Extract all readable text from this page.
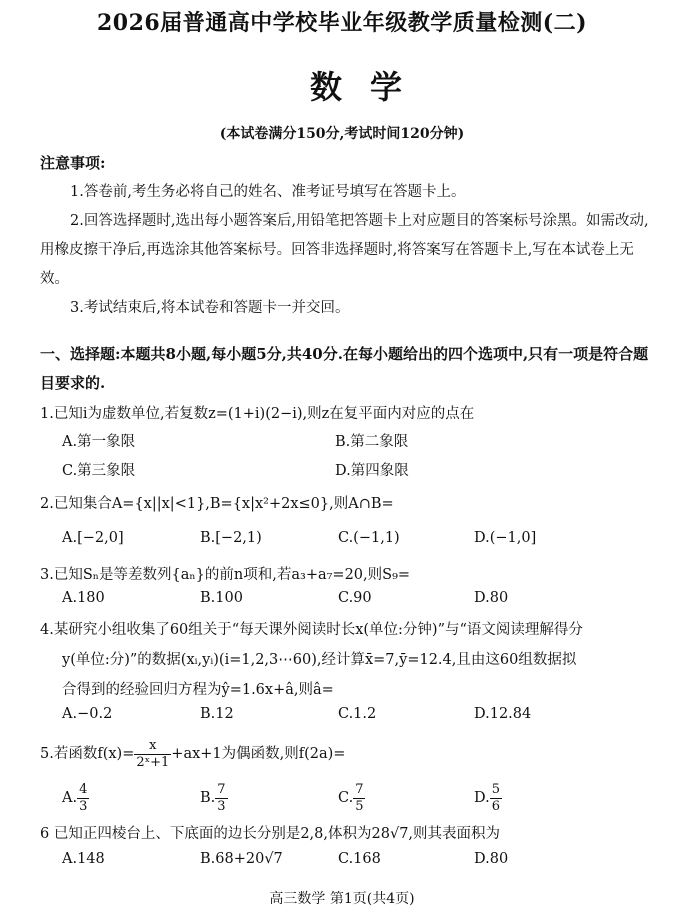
2026届普通高中学校毕业年级教学质量检测(二)
数学
(本试卷满分150分,考试时间120分钟)
注意事项:
1.答卷前,考生务必将自己的姓名、准考证号填写在答题卡上。
2.回答选择题时,选出每小题答案后,用铅笔把答题卡上对应题目的答案标号涂黑。如需改动,用橡皮擦干净后,再选涂其他答案标号。回答非选择题时,将答案写在答题卡上,写在本试卷上无效。
3.考试结束后,将本试卷和答题卡一并交回。
一、选择题:本题共8小题,每小题5分,共40分.在每小题给出的四个选项中,只有一项是符合题目要求的.
1.已知i为虚数单位,若复数z=(1+i)(2−i),则z在复平面内对应的点在
A.第一象限	B.第二象限
C.第三象限	D.第四象限
2.已知集合A={x||x|<1},B={x|x²+2x≤0},则A∩B=
A.[−2,0]	B.[−2,1)	C.(−1,1)	D.(−1,0]
3.已知Sₙ是等差数列{aₙ}的前n项和,若a₃+a₇=20,则S₉=
A.180	B.100	C.90	D.80
4.某研究小组收集了60组关于“每天课外阅读时长x(单位:分钟)”与“语文阅读理解得分
y(单位:分)”的数据(xᵢ,yᵢ)(i=1,2,3⋯60),经计算x̄=7,ȳ=12.4,且由这60组数据拟
合得到的经验回归方程为ŷ=1.6x+â,则â=
A.−0.2	B.12	C.1.2	D.12.84
5.若函数$f(x)= \frac{x}{\text{2ˣ+1}} +ax+1$为偶函数,则f(2a)=
A. $\frac{4}{3}$	B. $\frac{7}{3}$	C. $\frac{7}{5}$	D. $\frac{5}{6}$
6 已知正四棱台上、下底面的边长分别是2,8,体积为28√7,则其表面积为
A.148	B.68+20√7	C.168	D.80
高三数学 第1页(共4页)
